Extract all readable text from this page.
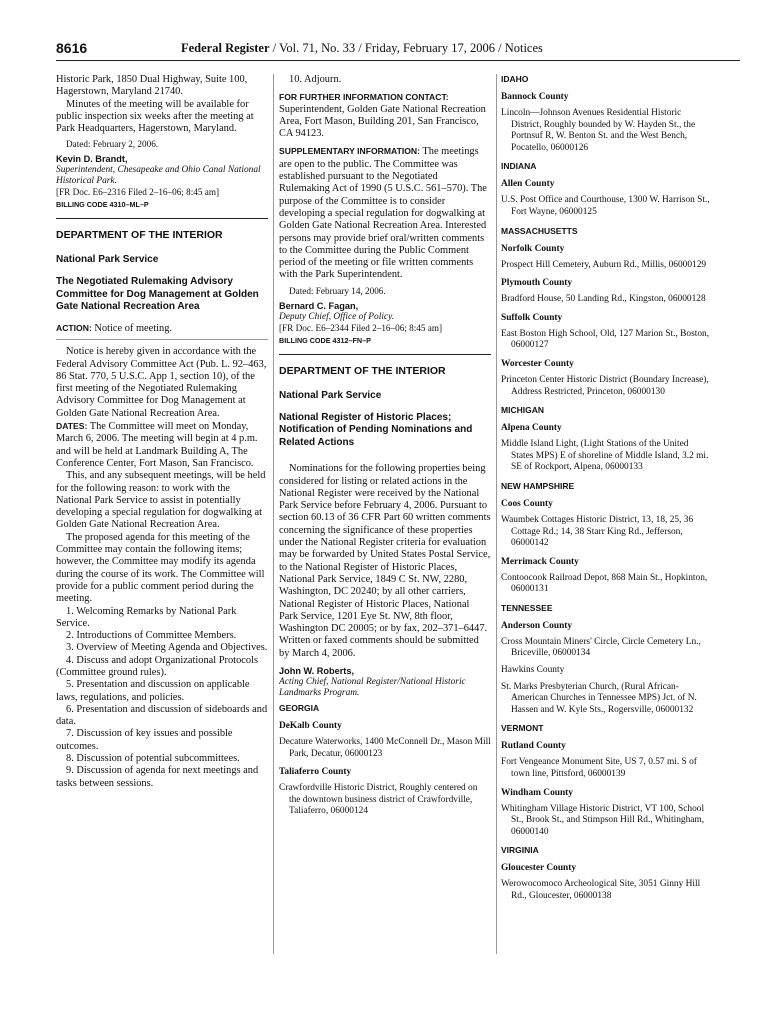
8616	Federal Register / Vol. 71, No. 33 / Friday, February 17, 2006 / Notices

Historic Park, 1850 Dual Highway, Suite 100, Hagerstown, Maryland 21740.

Minutes of the meeting will be available for public inspection six weeks after the meeting at Park Headquarters, Hagerstown, Maryland.

Dated: February 2, 2006.

Kevin D. Brandt,

Superintendent, Chesapeake and Ohio Canal National Historical Park.

[FR Doc. E6–2316 Filed 2–16–06; 8:45 am]

BILLING CODE 4310–ML–P

DEPARTMENT OF THE INTERIOR

National Park Service

The Negotiated Rulemaking Advisory Committee for Dog Management at Golden Gate National Recreation Area

ACTION: Notice of meeting.

Notice is hereby given in accordance with the Federal Advisory Committee Act (Pub. L. 92–463, 86 Stat. 770, 5 U.S.C. App 1, section 10), of the first meeting of the Negotiated Rulemaking Advisory Committee for Dog Management at Golden Gate National Recreation Area.

DATES: The Committee will meet on Monday, March 6, 2006. The meeting will begin at 4 p.m. and will be held at Landmark Building A, The Conference Center, Fort Mason, San Francisco.

This, and any subsequent meetings, will be held for the following reason: to work with the National Park Service to assist in potentially developing a special regulation for dogwalking at Golden Gate National Recreation Area.

The proposed agenda for this meeting of the Committee may contain the following items; however, the Committee may modify its agenda during the course of its work. The Committee will provide for a public comment period during the meeting.

1. Welcoming Remarks by National Park Service.

2. Introductions of Committee Members.

3. Overview of Meeting Agenda and Objectives.

4. Discuss and adopt Organizational Protocols (Committee ground rules).

5. Presentation and discussion on applicable laws, regulations, and policies.

6. Presentation and discussion of sideboards and data.

7. Discussion of key issues and possible outcomes.

8. Discussion of potential subcommittees.

9. Discussion of agenda for next meetings and tasks between sessions.

10. Adjourn.

FOR FURTHER INFORMATION CONTACT:

Superintendent, Golden Gate National Recreation Area, Fort Mason, Building 201, San Francisco, CA 94123.

SUPPLEMENTARY INFORMATION: The meetings are open to the public. The Committee was established pursuant to the Negotiated Rulemaking Act of 1990 (5 U.S.C. 561–570). The purpose of the Committee is to consider developing a special regulation for dogwalking at Golden Gate National Recreation Area. Interested persons may provide brief oral/written comments to the Committee during the Public Comment period of the meeting or file written comments with the Park Superintendent.

Dated: February 14, 2006.

Bernard C. Fagan,

Deputy Chief, Office of Policy.

[FR Doc. E6–2344 Filed 2–16–06; 8:45 am]

BILLING CODE 4312–FN–P

DEPARTMENT OF THE INTERIOR

National Park Service

National Register of Historic Places; Notification of Pending Nominations and Related Actions

Nominations for the following properties being considered for listing or related actions in the National Register were received by the National Park Service before February 4, 2006. Pursuant to section 60.13 of 36 CFR Part 60 written comments concerning the significance of these properties under the National Register criteria for evaluation may be forwarded by United States Postal Service, to the National Register of Historic Places, National Park Service, 1849 C St. NW, 2280, Washington, DC 20240; by all other carriers, National Register of Historic Places, National Park Service, 1201 Eye St. NW, 8th floor, Washington DC 20005; or by fax, 202–371–6447. Written or faxed comments should be submitted by March 4, 2006.

John W. Roberts,

Acting Chief, National Register/National Historic Landmarks Program.

GEORGIA

DeKalb County

Decature Waterworks, 1400 McConnell Dr., Mason Mill Park, Decatur, 06000123

Taliaferro County

Crawfordville Historic District, Roughly centered on the downtown business district of Crawfordville, Taliaferro, 06000124

IDAHO

Bannock County

Lincoln—Johnson Avenues Residential Historic District, Roughly bounded by W. Hayden St., the Portnsuf R, W. Benton St. and the West Bench, Pocatello, 06000126

INDIANA

Allen County

U.S. Post Office and Courthouse, 1300 W. Harrison St., Fort Wayne, 06000125

MASSACHUSETTS

Norfolk County

Prospect Hill Cemetery, Auburn Rd., Millis, 06000129

Plymouth County

Bradford House, 50 Landing Rd., Kingston, 06000128

Suffolk County

East Boston High School, Old, 127 Marion St., Boston, 06000127

Worcester County

Princeton Center Historic District (Boundary Increase), Address Restricted, Princeton, 06000130

MICHIGAN

Alpena County

Middle Island Light, (Light Stations of the United States MPS) E of shoreline of Middle Island, 3.2 mi. SE of Rockport, Alpena, 06000133

NEW HAMPSHIRE

Coos County

Waumbek Cottages Historic District, 13, 18, 25, 36 Cottage Rd.; 14, 38 Starr King Rd., Jefferson, 06000142

Merrimack County

Contoocook Railroad Depot, 868 Main St., Hopkinton, 06000131

TENNESSEE

Anderson County

Cross Mountain Miners' Circle, Circle Cemetery Ln., Briceville, 06000134

Hawkins County

St. Marks Presbyterian Church, (Rural African-American Churches in Tennessee MPS) Jct. of N. Hassen and W. Kyle Sts., Rogersville, 06000132

VERMONT

Rutland County

Fort Vengeance Monument Site, US 7, 0.57 mi. S of town line, Pittsford, 06000139

Windham County

Whitingham Village Historic District, VT 100, School St., Brook St., and Stimpson Hill Rd., Whitingham, 06000140

VIRGINIA

Gloucester County

Werowocomoco Archeological Site, 3051 Ginny Hill Rd., Gloucester, 06000138
